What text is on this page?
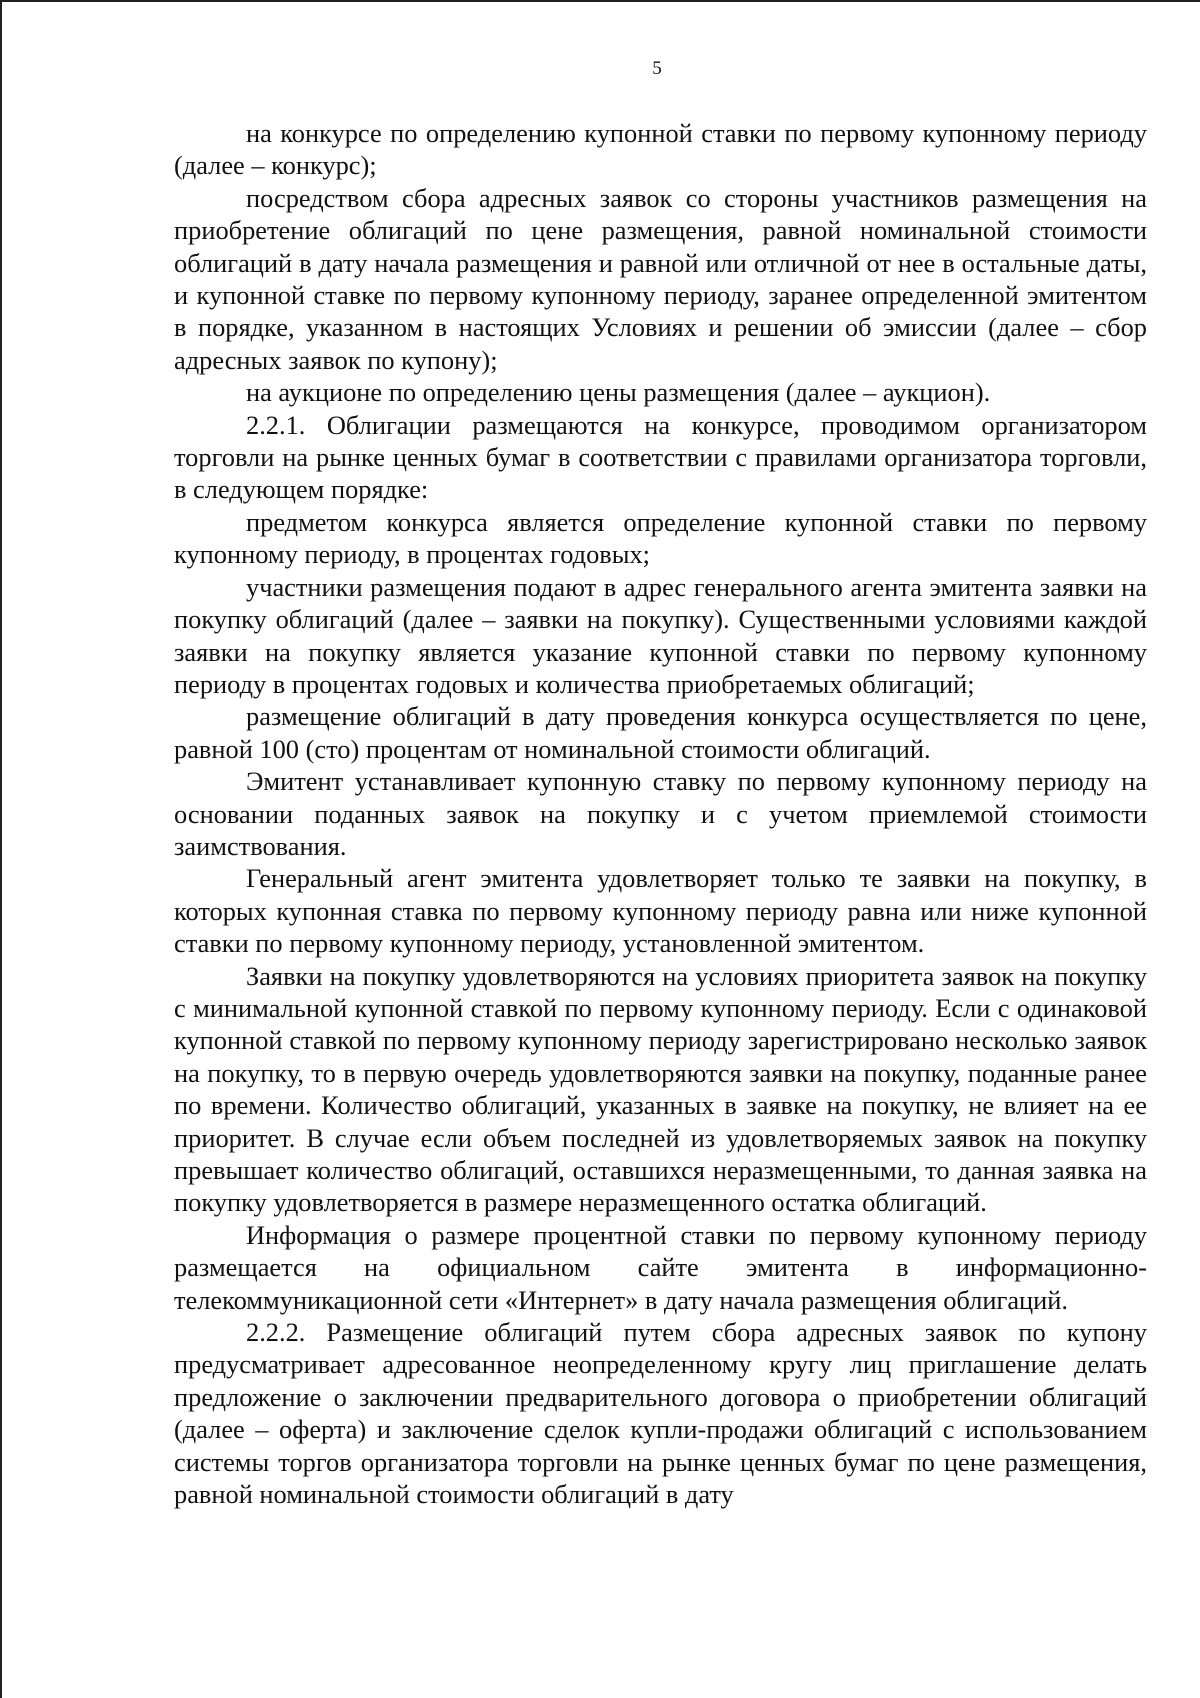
5

на конкурсе по определению купонной ставки по первому купонному периоду (далее – конкурс);

посредством сбора адресных заявок со стороны участников размещения на приобретение облигаций по цене размещения, равной номинальной стоимости облигаций в дату начала размещения и равной или отличной от нее в остальные даты, и купонной ставке по первому купонному периоду, заранее определенной эмитентом в порядке, указанном в настоящих Условиях и решении об эмиссии (далее – сбор адресных заявок по купону);

на аукционе по определению цены размещения (далее – аукцион).

2.2.1. Облигации размещаются на конкурсе, проводимом организатором торговли на рынке ценных бумаг в соответствии с правилами организатора торговли, в следующем порядке:

предметом конкурса является определение купонной ставки по первому купонному периоду, в процентах годовых;

участники размещения подают в адрес генерального агента эмитента заявки на покупку облигаций (далее – заявки на покупку). Существенными условиями каждой заявки на покупку является указание купонной ставки по первому купонному периоду в процентах годовых и количества приобретаемых облигаций;

размещение облигаций в дату проведения конкурса осуществляется по цене, равной 100 (сто) процентам от номинальной стоимости облигаций.

Эмитент устанавливает купонную ставку по первому купонному периоду на основании поданных заявок на покупку и с учетом приемлемой стоимости заимствования.

Генеральный агент эмитента удовлетворяет только те заявки на покупку, в которых купонная ставка по первому купонному периоду равна или ниже купонной ставки по первому купонному периоду, установленной эмитентом.

Заявки на покупку удовлетворяются на условиях приоритета заявок на покупку с минимальной купонной ставкой по первому купонному периоду. Если с одинаковой купонной ставкой по первому купонному периоду зарегистрировано несколько заявок на покупку, то в первую очередь удовлетворяются заявки на покупку, поданные ранее по времени. Количество облигаций, указанных в заявке на покупку, не влияет на ее приоритет. В случае если объем последней из удовлетворяемых заявок на покупку превышает количество облигаций, оставшихся неразмещенными, то данная заявка на покупку удовлетворяется в размере неразмещенного остатка облигаций.

Информация о размере процентной ставки по первому купонному периоду размещается на официальном сайте эмитента в информационно-телекоммуникационной сети «Интернет» в дату начала размещения облигаций.

2.2.2. Размещение облигаций путем сбора адресных заявок по купону предусматривает адресованное неопределенному кругу лиц приглашение делать предложение о заключении предварительного договора о приобретении облигаций (далее – оферта) и заключение сделок купли-продажи облигаций с использованием системы торгов организатора торговли на рынке ценных бумаг по цене размещения, равной номинальной стоимости облигаций в дату
